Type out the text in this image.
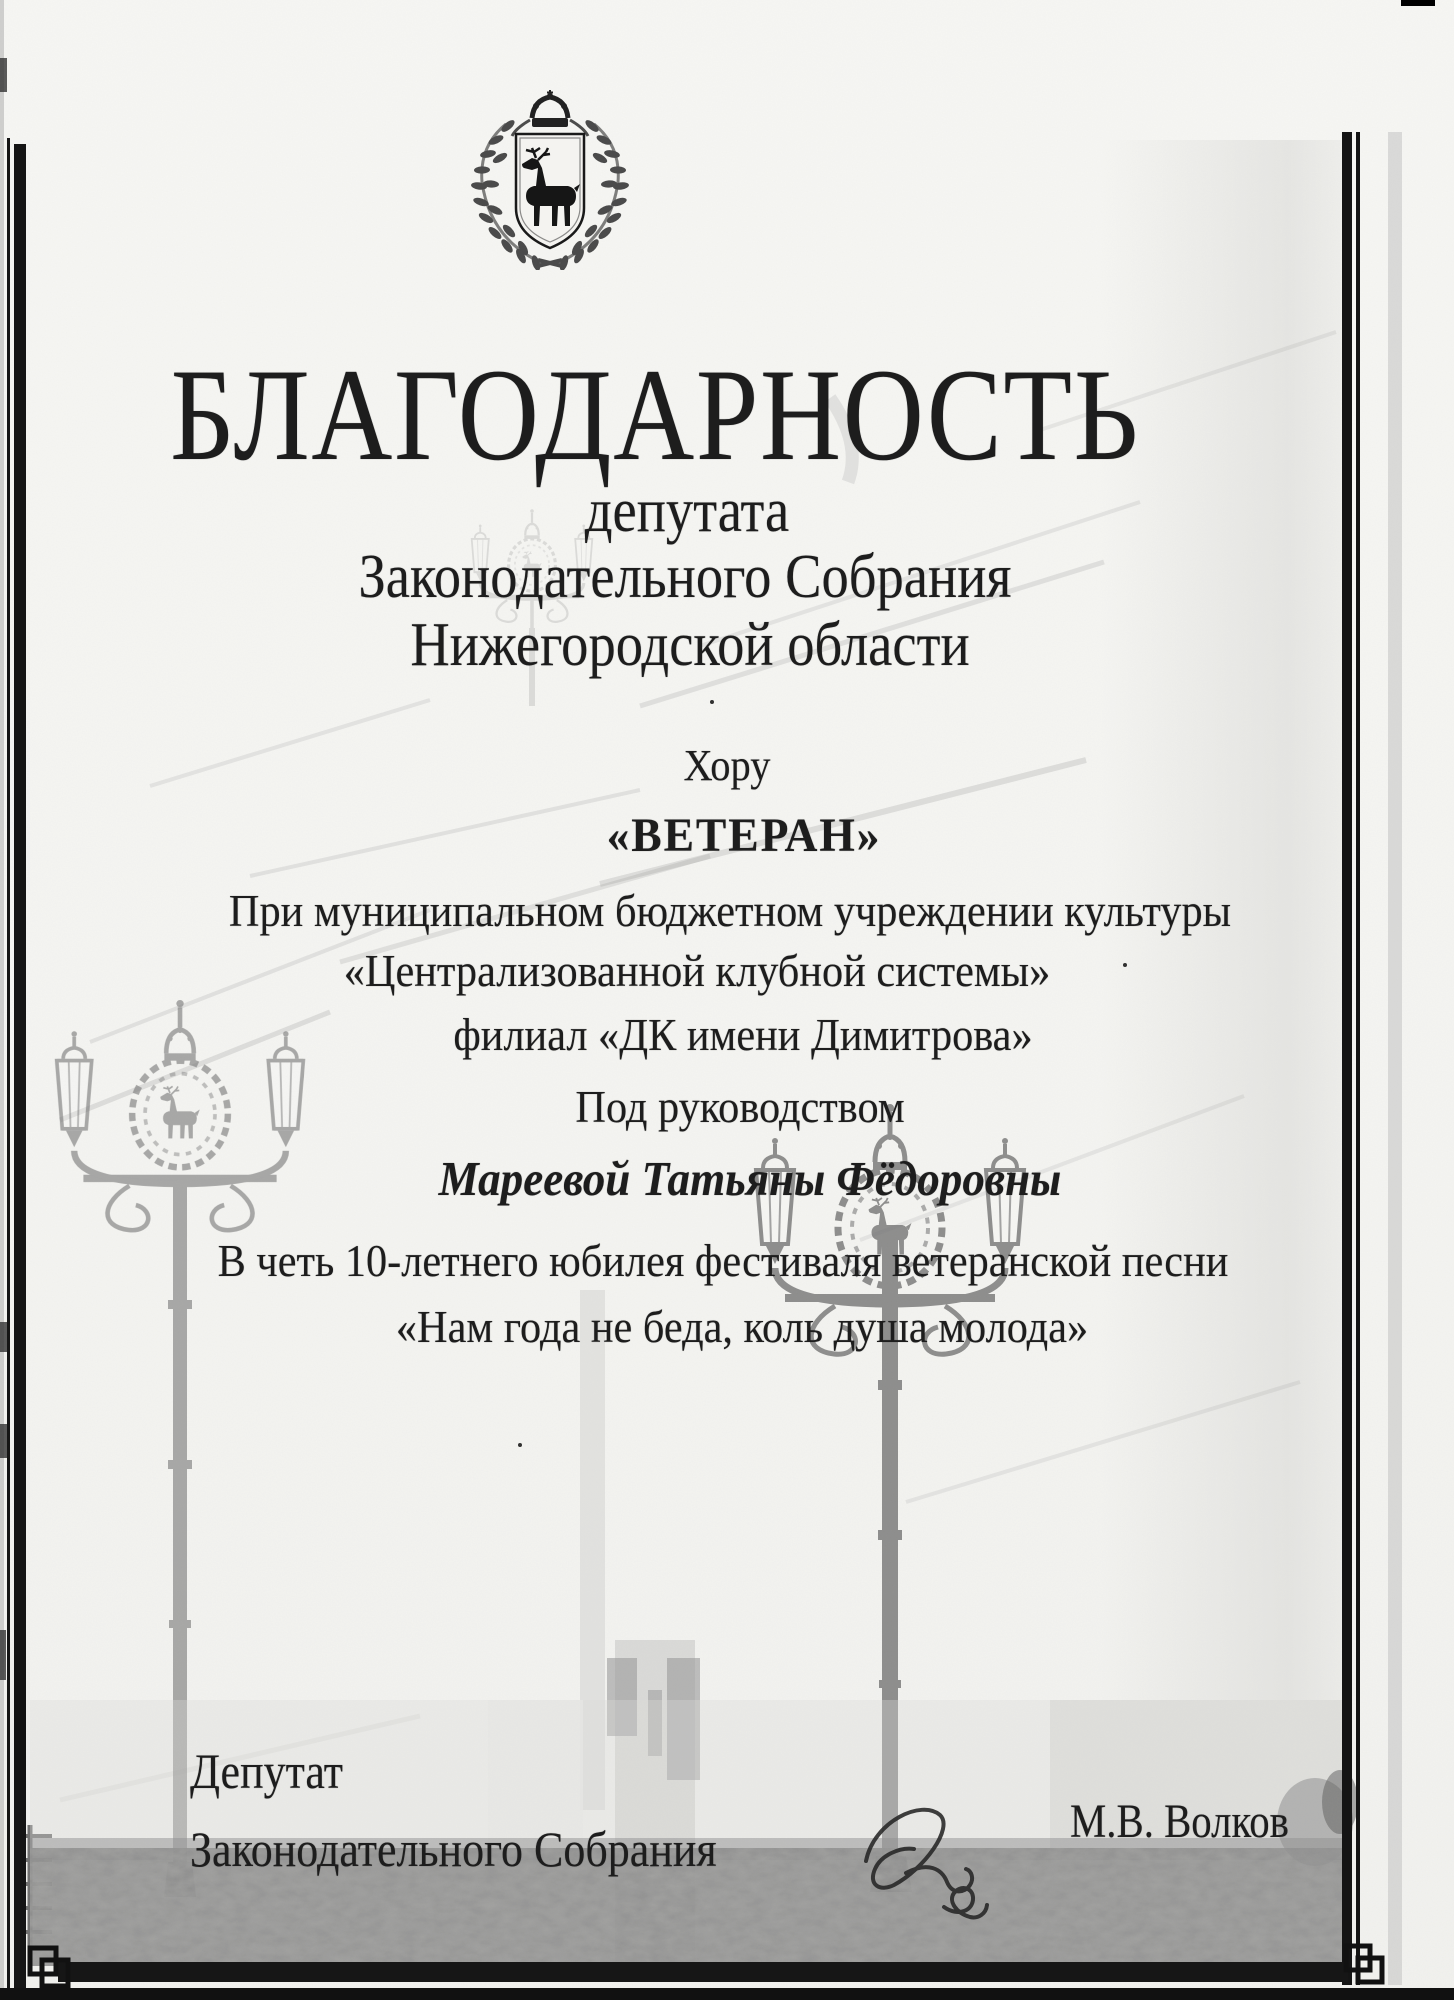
БЛАГОДАРНОСТЬ
депутата
Законодательного Собрания
Нижегородской области
Хору
«ВЕТЕРАН»
При муниципальном бюджетном учреждении культуры
«Централизованной клубной системы»
филиал «ДК имени Димитрова»
Под руководством
Мареевой Татьяны Фёдоровны
В четь 10-летнего юбилея фестиваля ветеранской песни
«Нам года не беда, коль душа молода»
Депутат
Законодательного Собрания	М.В. Волков
